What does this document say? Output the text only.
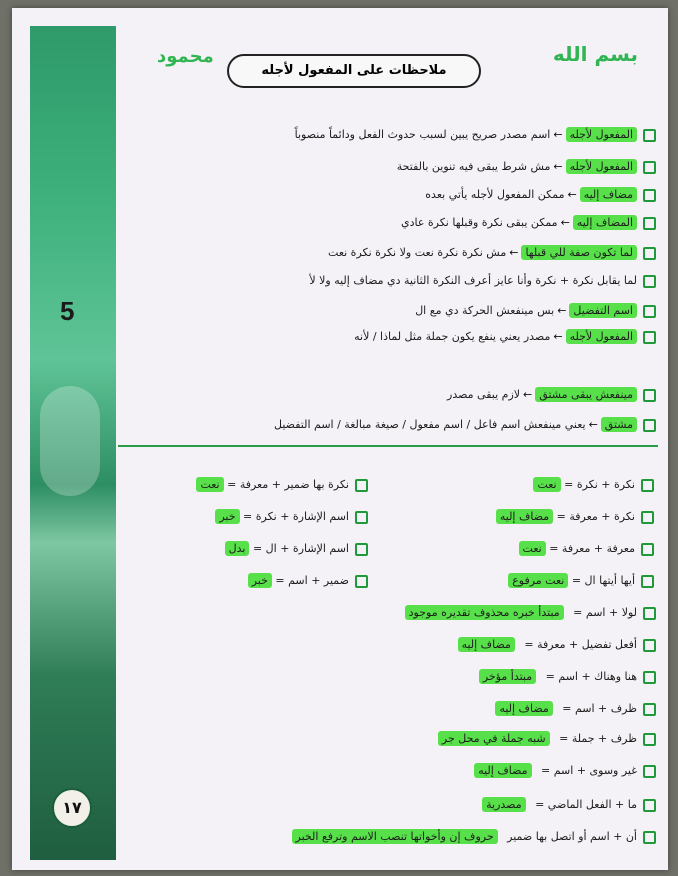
5
١٧
محمود
ملاحظات على المفعول لأجله
بسم الله
المفعول لأجله←اسم مصدر صريح يبين لسبب حدوث الفعل ودائماً منصوباً
المفعول لأجله←مش شرط يبقى فيه تنوين بالفتحة
مضاف إليه←ممكن المفعول لأجله يأتي بعده
المضاف إليه←ممكن يبقى نكرة وقبلها نكرة عادي
لما تكون صفة للي قبلها←مش نكرة نكرة نعت ولا نكرة نكرة نعت
لما يقابل نكرة + نكرة وأنا عايز أعرف النكرة الثانية دي مضاف إليه ولا لأ
اسم التفضيل←بس مينفعش الحركة دي مع ال
المفعول لأجله←مصدر يعني ينفع يكون جملة مثل لماذا / لأنه
مينفعش يبقى مشتق←لازم يبقى مصدر
مشتق←يعني مينفعش اسم فاعل / اسم مفعول / صيغة مبالغة / اسم التفضيل
نكرة + نكرة = نعت
نكرة + معرفة = مضاف إليه
معرفة + معرفة = نعت
أيها أيتها ال = نعت مرفوع
نكرة بها ضمير + معرفة = نعت
اسم الإشارة + نكرة = خبر
اسم الإشارة + ال = بدل
ضمير + اسم = خبر
لولا + اسم = مبتدأ خبره محذوف تقديره موجود
أفعل تفضيل + معرفة = مضاف إليه
هنا وهناك + اسم = مبتدأ مؤخر
ظرف + اسم = مضاف إليه
ظرف + جملة = شبه جملة في محل جر
غير وسوى + اسم = مضاف إليه
ما + الفعل الماضي = مصدرية
أن + اسم أو اتصل بها ضمير حروف إن وأخواتها تنصب الاسم وترفع الخبر
